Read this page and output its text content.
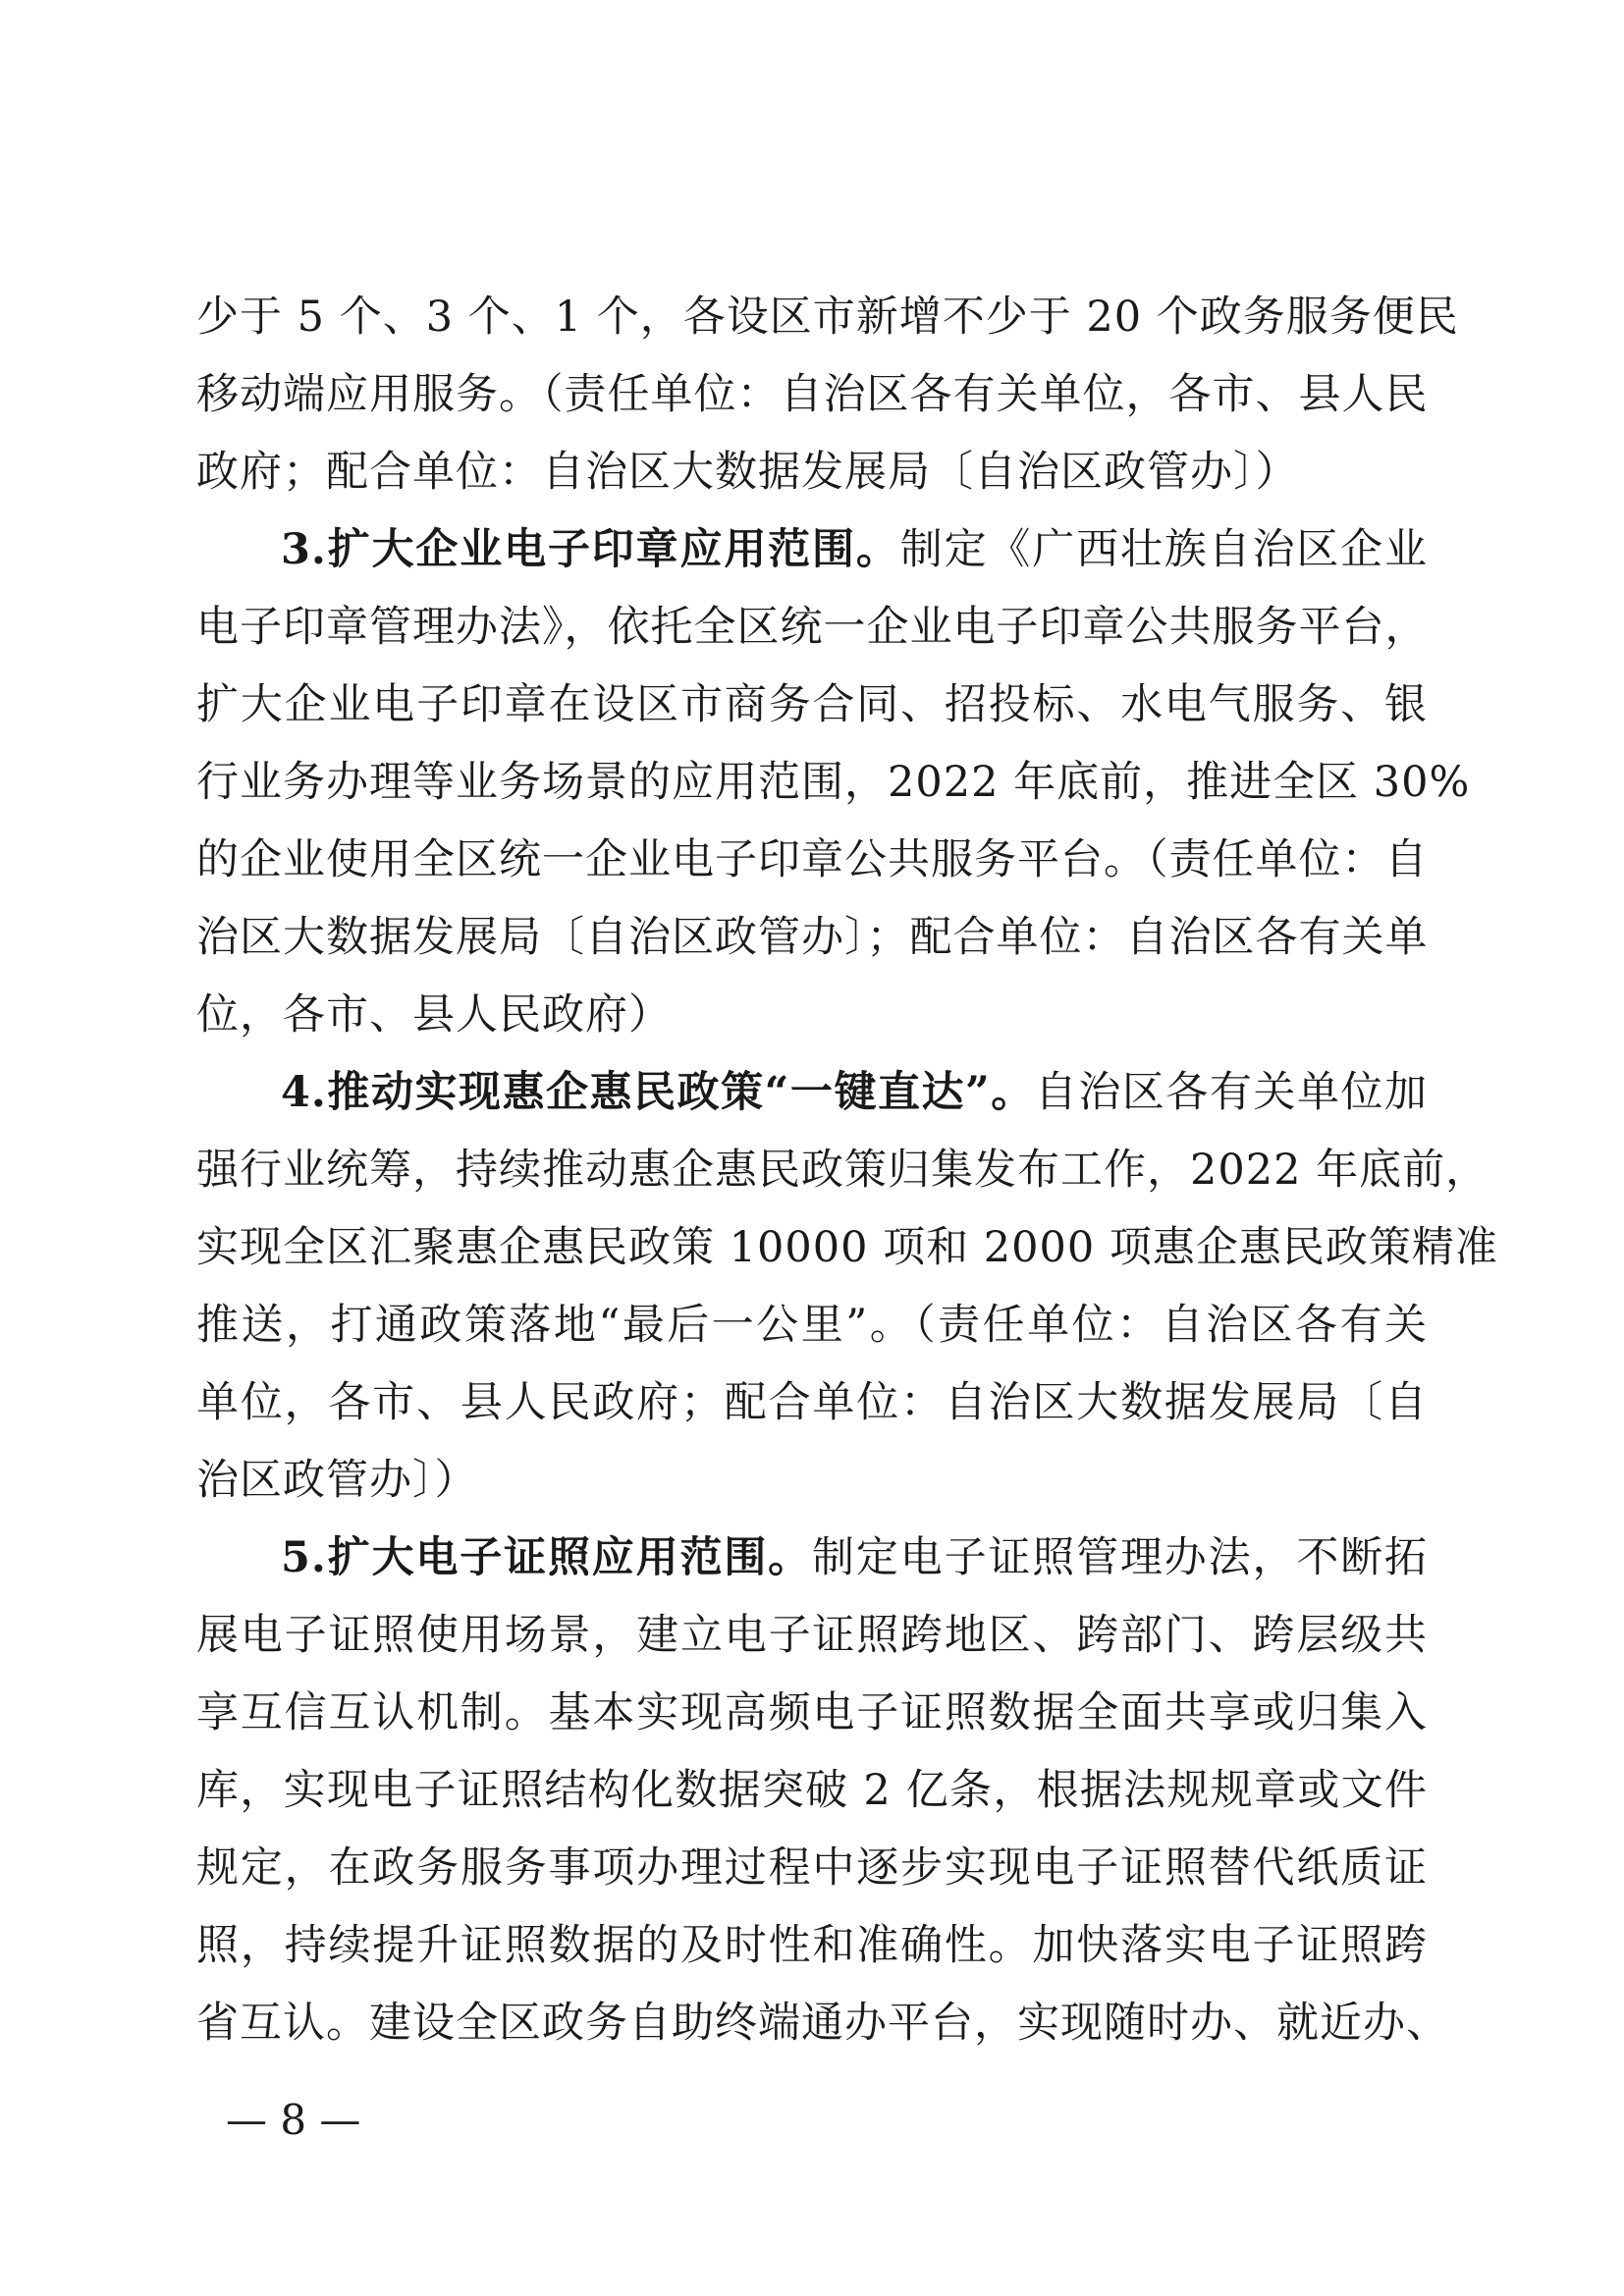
少于 5 个、3 个、1 个，各设区市新增不少于 20 个政务服务便民
移动端应用服务。（责任单位：自治区各有关单位，各市、县人民
政府；配合单位：自治区大数据发展局〔自治区政管办〕）
3.扩大企业电子印章应用范围。制定《广西壮族自治区企业
电子印章管理办法》，依托全区统一企业电子印章公共服务平台，
扩大企业电子印章在设区市商务合同、招投标、水电气服务、银
行业务办理等业务场景的应用范围，2022 年底前，推进全区 30%
的企业使用全区统一企业电子印章公共服务平台。（责任单位：自
治区大数据发展局〔自治区政管办〕；配合单位：自治区各有关单
位，各市、县人民政府）
4.推动实现惠企惠民政策“一键直达”。自治区各有关单位加
强行业统筹，持续推动惠企惠民政策归集发布工作，2022 年底前，
实现全区汇聚惠企惠民政策 10000 项和 2000 项惠企惠民政策精准
推送，打通政策落地“最后一公里”。（责任单位：自治区各有关
单位，各市、县人民政府；配合单位：自治区大数据发展局〔自
治区政管办〕）
5.扩大电子证照应用范围。制定电子证照管理办法，不断拓
展电子证照使用场景，建立电子证照跨地区、跨部门、跨层级共
享互信互认机制。基本实现高频电子证照数据全面共享或归集入
库，实现电子证照结构化数据突破 2 亿条，根据法规规章或文件
规定，在政务服务事项办理过程中逐步实现电子证照替代纸质证
照，持续提升证照数据的及时性和准确性。加快落实电子证照跨
省互认。建设全区政务自助终端通办平台，实现随时办、就近办、
— 8 —
